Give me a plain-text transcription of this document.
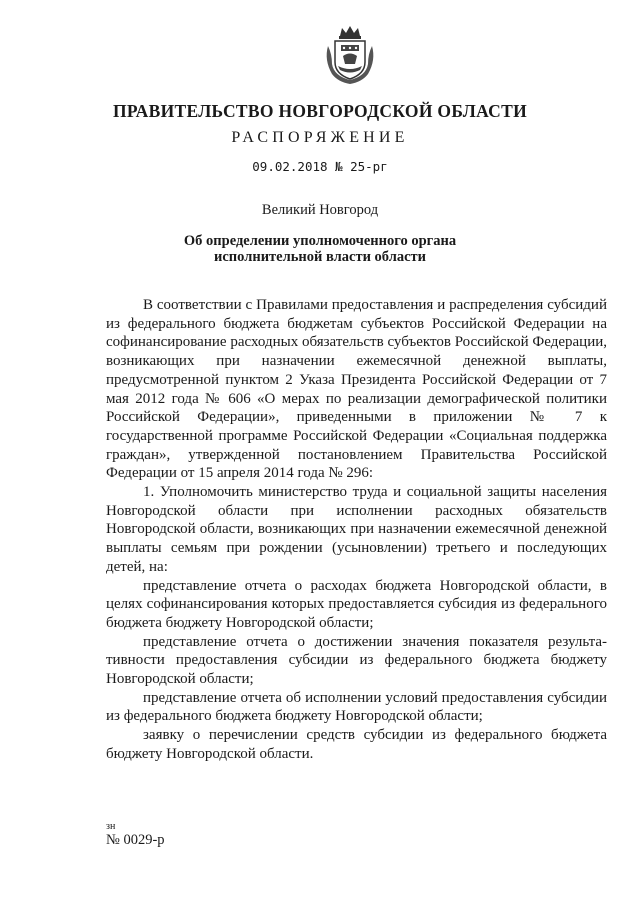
ПРАВИТЕЛЬСТВО НОВГОРОДСКОЙ ОБЛАСТИ
РАСПОРЯЖЕНИЕ
09.02.2018 № 25-рг
Великий Новгород
Об определении уполномоченного органа
исполнительной власти области

В соответствии с Правилами предоставления и распределения субсидий из федерального бюджета бюджетам субъектов Российской Федерации на софинансирование расходных обязательств субъектов Российской Федерации, возникающих при назначении ежемесячной денежной выплаты, предусмотренной пунктом 2 Указа Президента Российской Федерации от 7 мая 2012 года № 606 «О мерах по реализации демографической политики Российской Федерации», приведенными в приложении № 7 к государственной программе Российской Федерации «Социальная поддержка граждан», утвержденной постановлением Правительства Российской Федерации от 15 апреля 2014 года № 296:

1. Уполномочить министерство труда и социальной защиты населения Новгородской области при исполнении расходных обязательств Новгородской области, возникающих при назначении ежемесячной денежной выплаты семьям при рождении (усыновлении) третьего и последующих детей, на:

представление отчета о расходах бюджета Новгородской области, в целях софинансирования которых предоставляется субсидия из федерального бюджета бюджету Новгородской области;

представление отчета о достижении значения показателя результа-тивности предоставления субсидии из федерального бюджета бюджету Новгородской области;

представление отчета об исполнении условий предоставления субсидии из федерального бюджета бюджету Новгородской области;

заявку о перечислении средств субсидии из федерального бюджета бюджету Новгородской области.

зн
№ 0029-р
